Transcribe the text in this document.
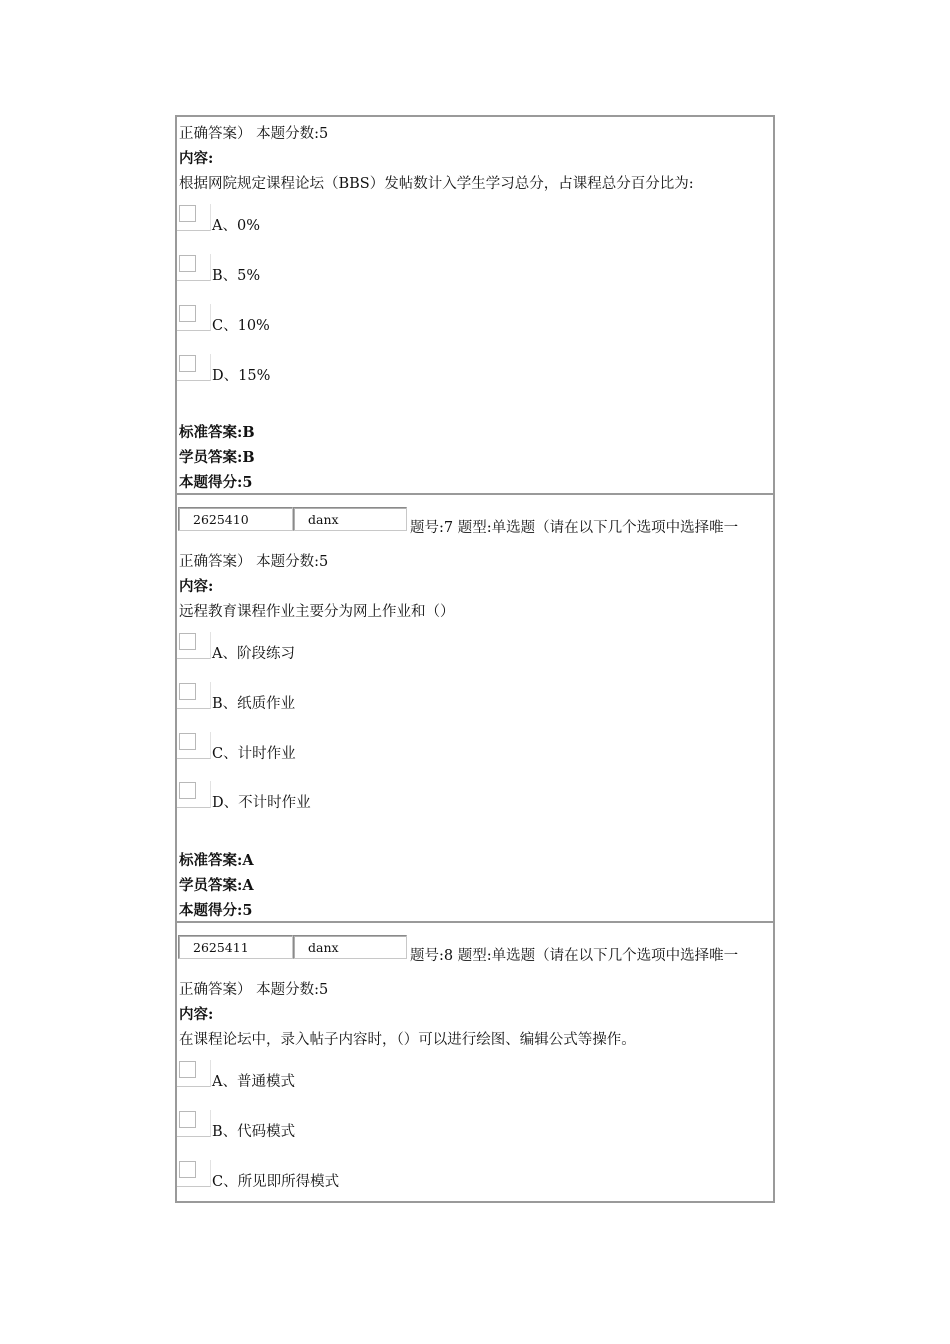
正确答案） 本题分数:5
内容:
根据网院规定课程论坛（BBS）发帖数计入学生学习总分，占课程总分百分比为:
A、0%
B、5%
C、10%
D、15%
标准答案:B
学员答案:B
本题得分:5
2625410	danx
题号:7 题型:单选题（请在以下几个选项中选择唯一
正确答案） 本题分数:5
内容:
远程教育课程作业主要分为网上作业和（）
A、阶段练习
B、纸质作业
C、计时作业
D、不计时作业
标准答案:A
学员答案:A
本题得分:5
2625411	danx
题号:8 题型:单选题（请在以下几个选项中选择唯一
正确答案） 本题分数:5
内容:
在课程论坛中，录入帖子内容时，（）可以进行绘图、编辑公式等操作。
A、普通模式
B、代码模式
C、所见即所得模式
